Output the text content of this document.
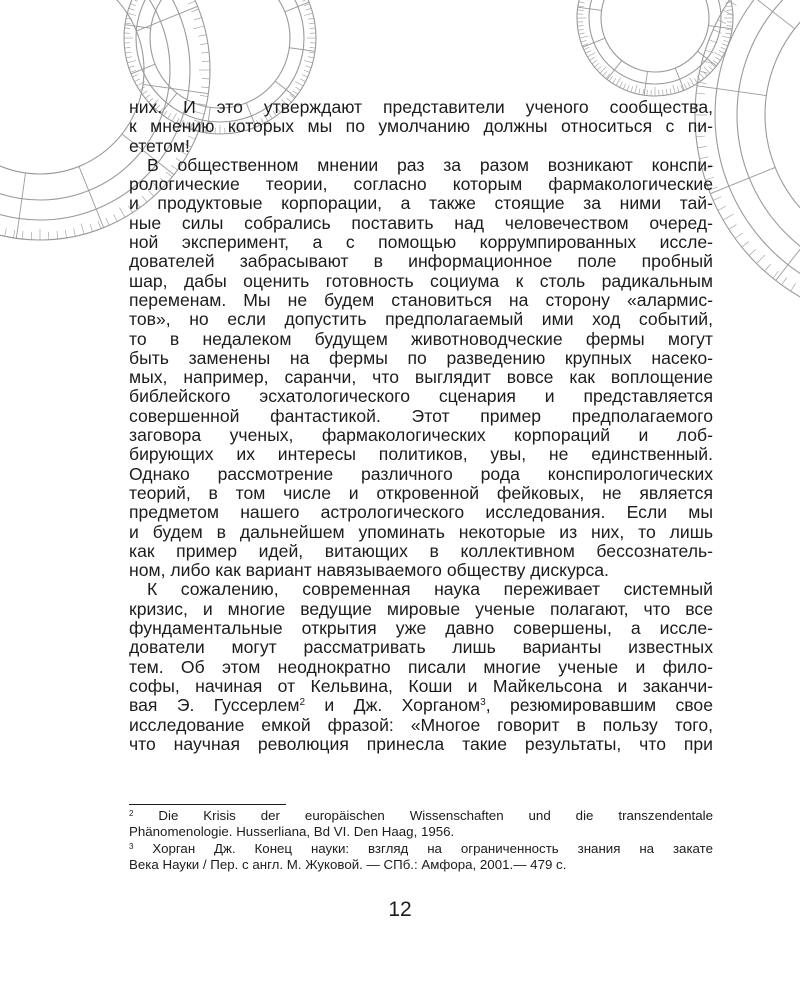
них. И это утверждают представители ученого сообщества,
к мнению которых мы по умолчанию должны относиться с пи-
ететом!
В общественном мнении раз за разом возникают конспи-
рологические теории, согласно которым фармакологические
и продуктовые корпорации, а также стоящие за ними тай-
ные силы собрались поставить над человечеством очеред-
ной эксперимент, а с помощью коррумпированных иссле-
дователей забрасывают в информационное поле пробный
шар, дабы оценить готовность социума к столь радикальным
переменам. Мы не будем становиться на сторону «алармис-
тов», но если допустить предполагаемый ими ход событий,
то в недалеком будущем животноводческие фермы могут
быть заменены на фермы по разведению крупных насеко-
мых, например, саранчи, что выглядит вовсе как воплощение
библейского эсхатологического сценария и представляется
совершенной фантастикой. Этот пример предполагаемого
заговора ученых, фармакологических корпораций и лоб-
бирующих их интересы политиков, увы, не единственный.
Однако рассмотрение различного рода конспирологических
теорий, в том числе и откровенной фейковых, не является
предметом нашего астрологического исследования. Если мы
и будем в дальнейшем упоминать некоторые из них, то лишь
как пример идей, витающих в коллективном бессознатель-
ном, либо как вариант навязываемого обществу дискурса.
К сожалению, современная наука переживает системный
кризис, и многие ведущие мировые ученые полагают, что все
фундаментальные открытия уже давно совершены, а иссле-
дователи могут рассматривать лишь варианты известных
тем. Об этом неоднократно писали многие ученые и фило-
софы, начиная от Кельвина, Коши и Майкельсона и заканчи-
вая Э. Гуссерлем$^2$ и Дж. Хорганом$^3$, резюмировавшим свое
исследование емкой фразой: «Многое говорит в пользу того,
что научная революция принесла такие результаты, что при
$^2$ Die Krisis der europäischen Wissenschaften und die transzendentale
Phänomenologie. Husserliana, Bd VI. Den Haag, 1956.
$^3$ Хорган Дж. Конец науки: взгляд на ограниченность знания на закате
Века Науки / Пер. с англ. М. Жуковой. — СПб.: Амфора, 2001.— 479 с.
12
